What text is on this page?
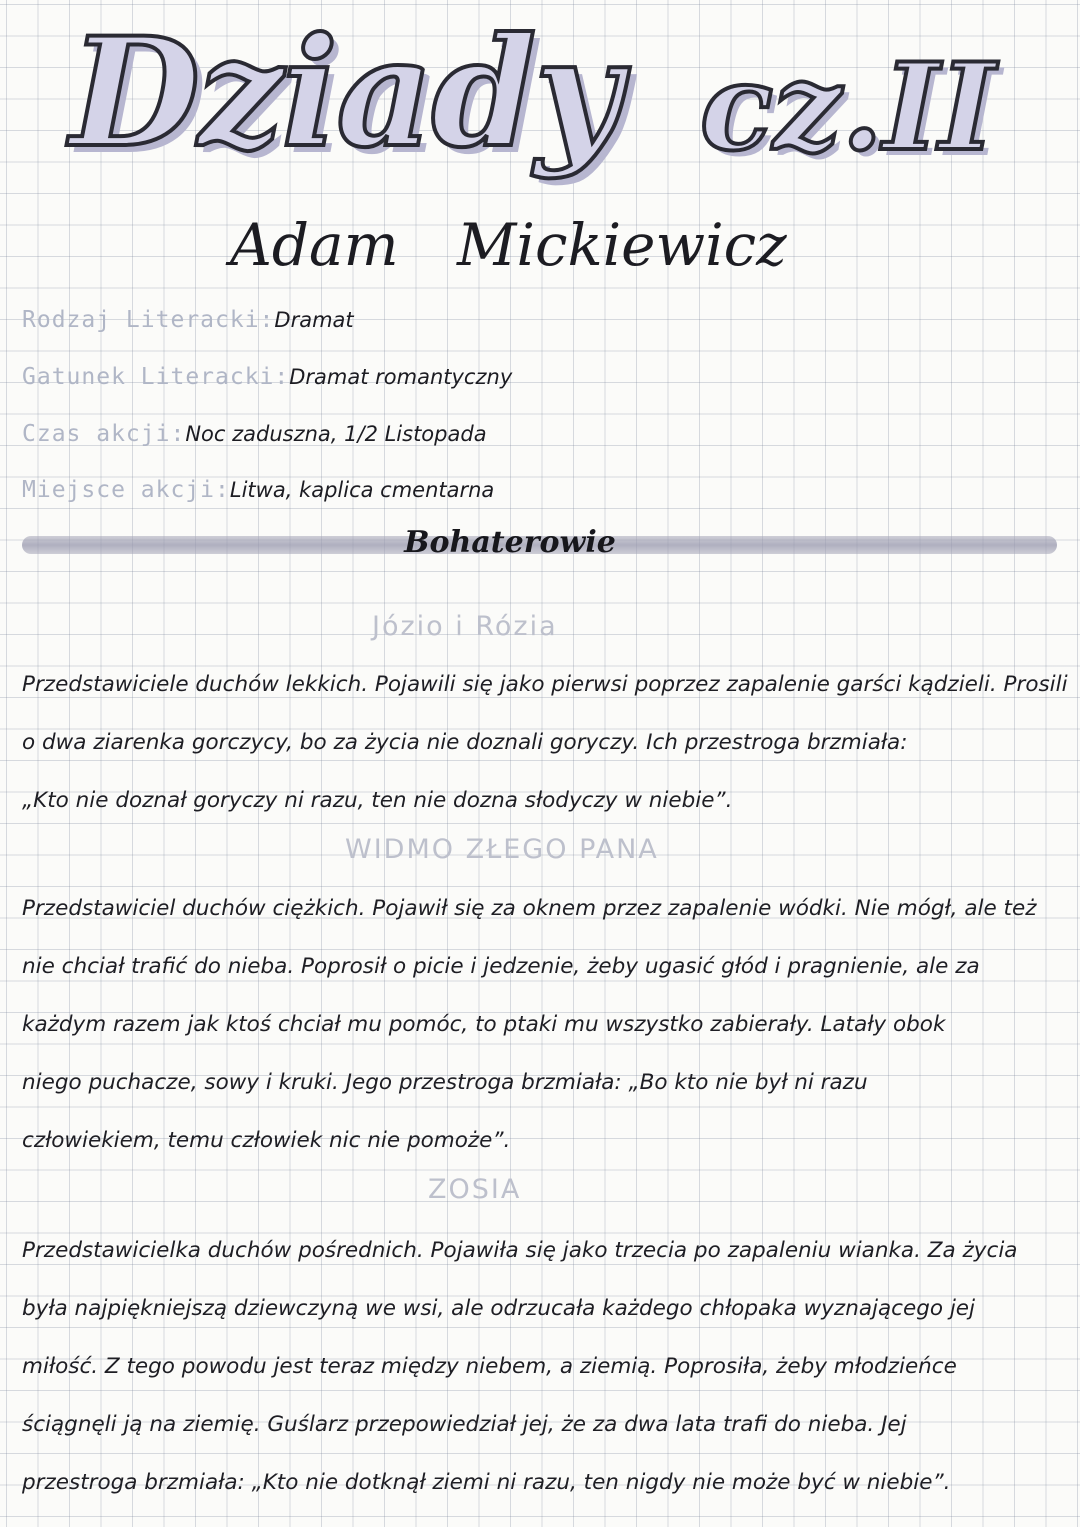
Dziady cz.II
Adam Mickiewicz
Rodzaj Literacki:Dramat
Gatunek Literacki:Dramat romantyczny
Czas akcji:Noc zaduszna, 1/2 Listopada
Miejsce akcji:Litwa, kaplica cmentarna
Bohaterowie
Józio i Rózia
Przedstawiciele duchów lekkich. Pojawili się jako pierwsi poprzez zapalenie garści kądzieli. Prosili
o dwa ziarenka gorczycy, bo za życia nie doznali goryczy. Ich przestroga brzmiała:
„Kto nie doznał goryczy ni razu, ten nie dozna słodyczy w niebie”.
WIDMO ZŁEGO PANA
Przedstawiciel duchów ciężkich. Pojawił się za oknem przez zapalenie wódki. Nie mógł, ale też
nie chciał trafić do nieba. Poprosił o picie i jedzenie, żeby ugasić głód i pragnienie, ale za
każdym razem jak ktoś chciał mu pomóc, to ptaki mu wszystko zabierały. Latały obok
niego puchacze, sowy i kruki. Jego przestroga brzmiała: „Bo kto nie był ni razu
człowiekiem, temu człowiek nic nie pomoże”.
ZOSIA
Przedstawicielka duchów pośrednich. Pojawiła się jako trzecia po zapaleniu wianka. Za życia
była najpiękniejszą dziewczyną we wsi, ale odrzucała każdego chłopaka wyznającego jej
miłość. Z tego powodu jest teraz między niebem, a ziemią. Poprosiła, żeby młodzieńce
ściągnęli ją na ziemię. Guślarz przepowiedział jej, że za dwa lata trafi do nieba. Jej
przestroga brzmiała: „Kto nie dotknął ziemi ni razu, ten nigdy nie może być w niebie”.
